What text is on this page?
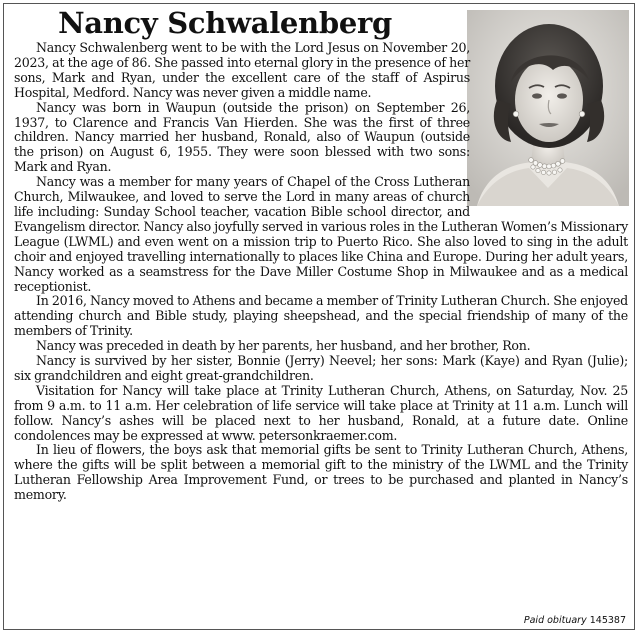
Nancy Schwalenberg

Nancy Schwalenberg went to be with the Lord Jesus on November 20, 2023, at the age of 86. She passed into eternal glory in the presence of her sons, Mark and Ryan, under the excellent care of the staff of Aspirus Hospital, Medford. Nancy was never given a middle name.

Nancy was born in Waupun (outside the prison) on September 26, 1937, to Clarence and Francis Van Hierden. She was the first of three children. Nancy married her husband, Ronald, also of Waupun (outside the prison) on August 6, 1955. They were soon blessed with two sons: Mark and Ryan.

Nancy was a member for many years of Chapel of the Cross Lutheran Church, Milwaukee, and loved to serve the Lord in many areas of church life including: Sunday School teacher, vacation Bible school director, and Evangelism director. Nancy also joyfully served in various roles in the Lutheran Women’s Missionary League (LWML) and even went on a mission trip to Puerto Rico. She also loved to sing in the adult choir and enjoyed travelling internationally to places like China and Europe. During her adult years, Nancy worked as a seamstress for the Dave Miller Costume Shop in Milwaukee and as a medical receptionist.

In 2016, Nancy moved to Athens and became a member of Trinity Lutheran Church. She enjoyed attending church and Bible study, playing sheepshead, and the special friendship of many of the members of Trinity.

Nancy was preceded in death by her parents, her husband, and her brother, Ron.

Nancy is survived by her sister, Bonnie (Jerry) Neevel; her sons: Mark (Kaye) and Ryan (Julie); six grandchildren and eight great-grandchildren.

Visitation for Nancy will take place at Trinity Lutheran Church, Athens, on Saturday, Nov. 25 from 9 a.m. to 11 a.m. Her celebration of life service will take place at Trinity at 11 a.m. Lunch will follow. Nancy’s ashes will be placed next to her husband, Ronald, at a future date. Online condolences may be expressed at www. petersonkraemer.com.

In lieu of flowers, the boys ask that memorial gifts be sent to Trinity Lutheran Church, Athens, where the gifts will be split between a memorial gift to the ministry of the LWML and the Trinity Lutheran Fellowship Area Improvement Fund, or trees to be purchased and planted in Nancy’s memory.

Paid obituary 145387
